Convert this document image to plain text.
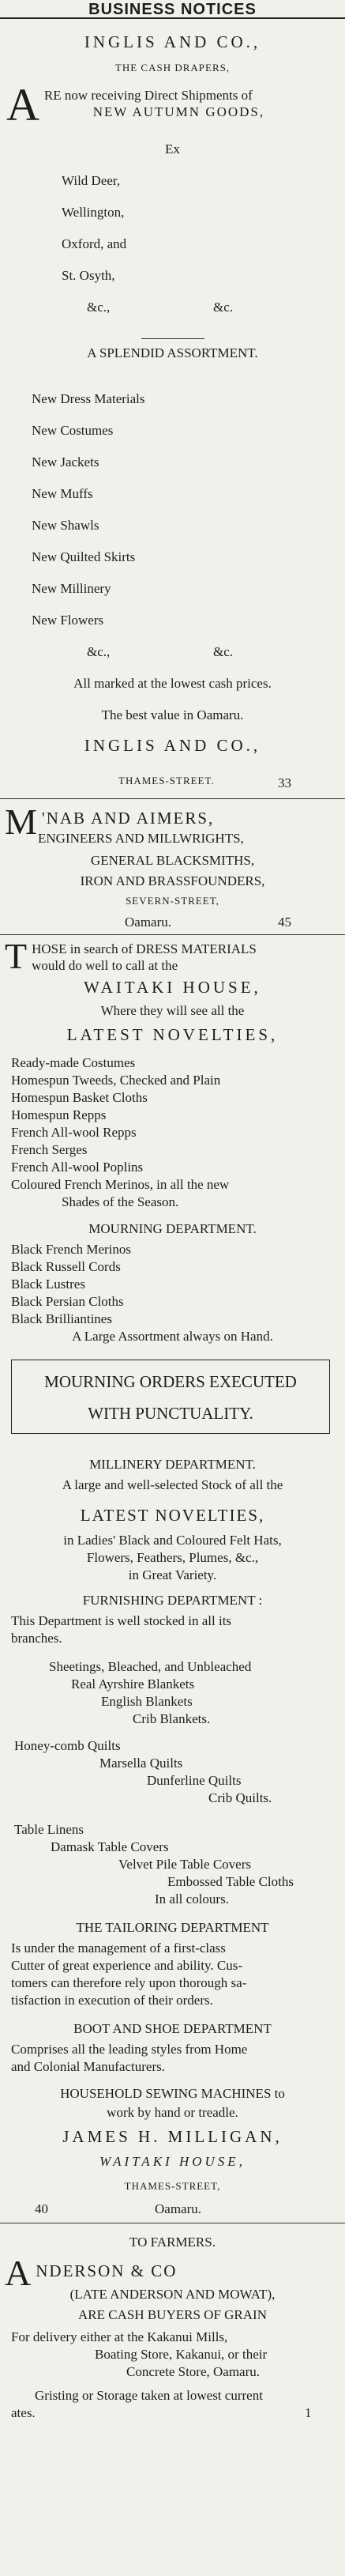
BUSINESS NOTICES
INGLIS AND CO.,
THE CASH DRAPERS,
A RE now receiving Direct Shipments of
NEW AUTUMN GOODS,
Ex
Wild Deer,
Wellington,
Oxford, and
St. Osyth,
&c.,	&c.
A SPLENDID ASSORTMENT.
New Dress Materials
New Costumes
New Jackets
New Muffs
New Shawls
New Quilted Skirts
New Millinery
New Flowers
&c.,	&c.
All marked at the lowest cash prices.
The best value in Oamaru.
INGLIS AND CO.,
THAMES-STREET.	33
M 'NAB AND AIMERS,
ENGINEERS AND MILLWRIGHTS,
GENERAL BLACKSMITHS,
IRON AND BRASSFOUNDERS,
SEVERN-STREET,
Oamaru.	45
T HOSE in search of DRESS MATERIALS
would do well to call at the
WAITAKI HOUSE,
Where they will see all the
LATEST NOVELTIES,
Ready-made Costumes
Homespun Tweeds, Checked and Plain
Homespun Basket Cloths
Homespun Repps
French All-wool Repps
French Serges
French All-wool Poplins
Coloured French Merinos, in all the new
Shades of the Season.
MOURNING DEPARTMENT.
Black French Merinos
Black Russell Cords
Black Lustres
Black Persian Cloths
Black Brilliantines
A Large Assortment always on Hand.
MOURNING ORDERS EXECUTED
WITH PUNCTUALITY.
MILLINERY DEPARTMENT.
A large and well-selected Stock of all the
LATEST NOVELTIES,
in Ladies' Black and Coloured Felt Hats,
Flowers, Feathers, Plumes, &c.,
in Great Variety.
FURNISHING DEPARTMENT :
This Department is well stocked in all its
branches.
Sheetings, Bleached, and Unbleached
Real Ayrshire Blankets
English Blankets
Crib Blankets.
Honey-comb Quilts
Marsella Quilts
Dunferline Quilts
Crib Quilts.
Table Linens
Damask Table Covers
Velvet Pile Table Covers
Embossed Table Cloths
In all colours.
THE TAILORING DEPARTMENT
Is under the management of a first-class
Cutter of great experience and ability. Cus-
tomers can therefore rely upon thorough sa-
tisfaction in execution of their orders.
BOOT AND SHOE DEPARTMENT
Comprises all the leading styles from Home
and Colonial Manufacturers.
HOUSEHOLD SEWING MACHINES to
work by hand or treadle.
JAMES H. MILLIGAN,
WAITAKI HOUSE,
THAMES-STREET,
40	Oamaru.
TO FARMERS.
A NDERSON & CO
(LATE ANDERSON AND MOWAT),
ARE CASH BUYERS OF GRAIN
For delivery either at the Kakanui Mills,
Boating Store, Kakanui, or their
Concrete Store, Oamaru.
Gristing or Storage taken at lowest current
ates.	1
